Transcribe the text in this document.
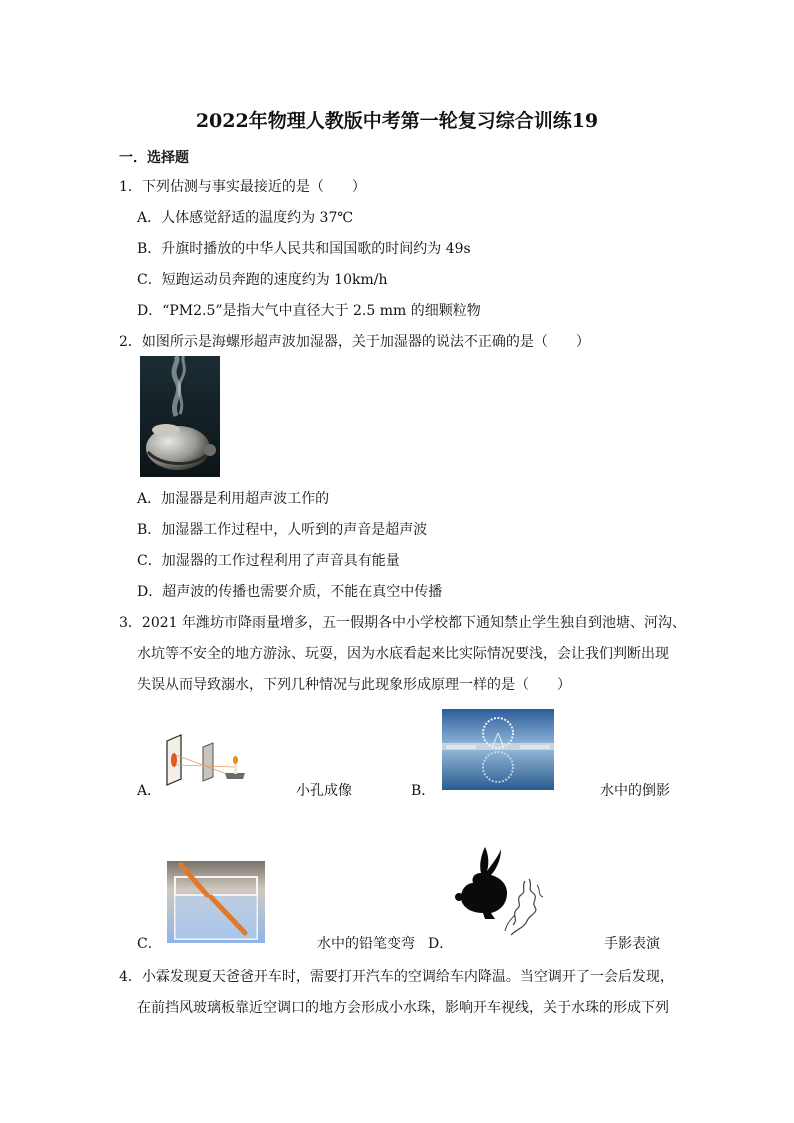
2022年物理人教版中考第一轮复习综合训练19
一．选择题
1．下列估测与事实最接近的是（　　）
A．人体感觉舒适的温度约为 37℃
B．升旗时播放的中华人民共和国国歌的时间约为 49s
C．短跑运动员奔跑的速度约为 10km/h
D．“PM2.5”是指大气中直径大于 2.5 mm 的细颗粒物
2．如图所示是海螺形超声波加湿器，关于加湿器的说法不正确的是（　　）
A．加湿器是利用超声波工作的
B．加湿器工作过程中，人听到的声音是超声波
C．加湿器的工作过程利用了声音具有能量
D．超声波的传播也需要介质，不能在真空中传播
3．2021 年潍坊市降雨量增多，五一假期各中小学校都下通知禁止学生独自到池塘、河沟、
水坑等不安全的地方游泳、玩耍，因为水底看起来比实际情况要浅，会让我们判断出现
失误从而导致溺水，下列几种情况与此现象形成原理一样的是（　　）
A．	小孔成像	B．	水中的倒影
C．	水中的铅笔变弯 D．	手影表演
4．小霖发现夏天爸爸开车时，需要打开汽车的空调给车内降温。当空调开了一会后发现，
在前挡风玻璃板靠近空调口的地方会形成小水珠，影响开车视线，关于水珠的形成下列
